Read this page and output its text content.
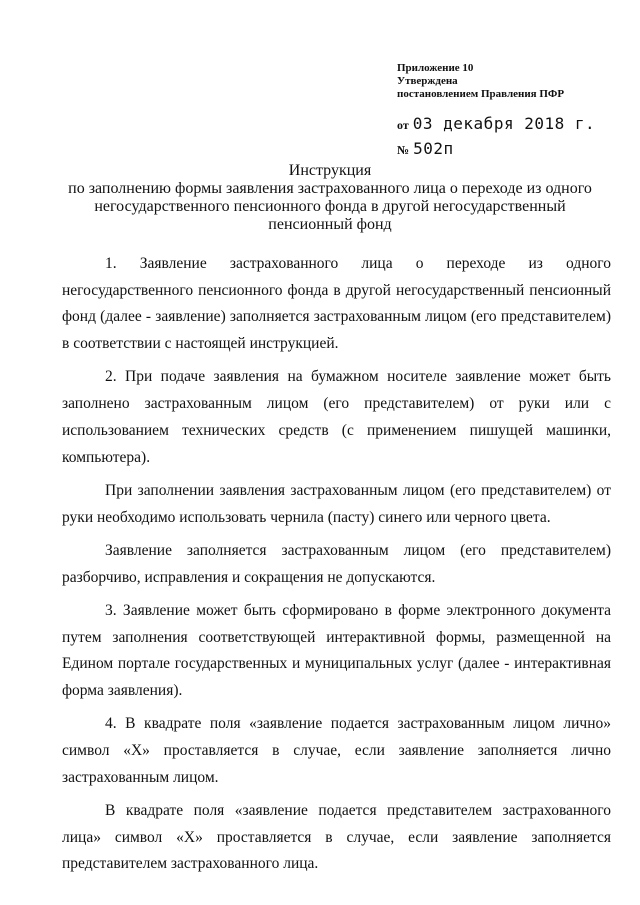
Приложение 10
Утверждена
постановлением Правления ПФР
от 03 декабря 2018 г.
№ 502п
Инструкция
по заполнению формы заявления застрахованного лица о переходе из одного негосударственного пенсионного фонда в другой негосударственный пенсионный фонд

1. Заявление застрахованного лица о переходе из одного негосударственного пенсионного фонда в другой негосударственный пенсионный фонд (далее - заявление) заполняется застрахованным лицом (его представителем) в соответствии с настоящей инструкцией.

2. При подаче заявления на бумажном носителе заявление может быть заполнено застрахованным лицом (его представителем) от руки или с использованием технических средств (с применением пишущей машинки, компьютера).

При заполнении заявления застрахованным лицом (его представителем) от руки необходимо использовать чернила (пасту) синего или черного цвета.

Заявление заполняется застрахованным лицом (его представителем) разборчиво, исправления и сокращения не допускаются.

3. Заявление может быть сформировано в форме электронного документа путем заполнения соответствующей интерактивной формы, размещенной на Едином портале государственных и муниципальных услуг (далее - интерактивная форма заявления).

4. В квадрате поля «заявление подается застрахованным лицом лично» символ «X» проставляется в случае, если заявление заполняется лично застрахованным лицом.

В квадрате поля «заявление подается представителем застрахованного лица» символ «X» проставляется в случае, если заявление заполняется представителем застрахованного лица.
